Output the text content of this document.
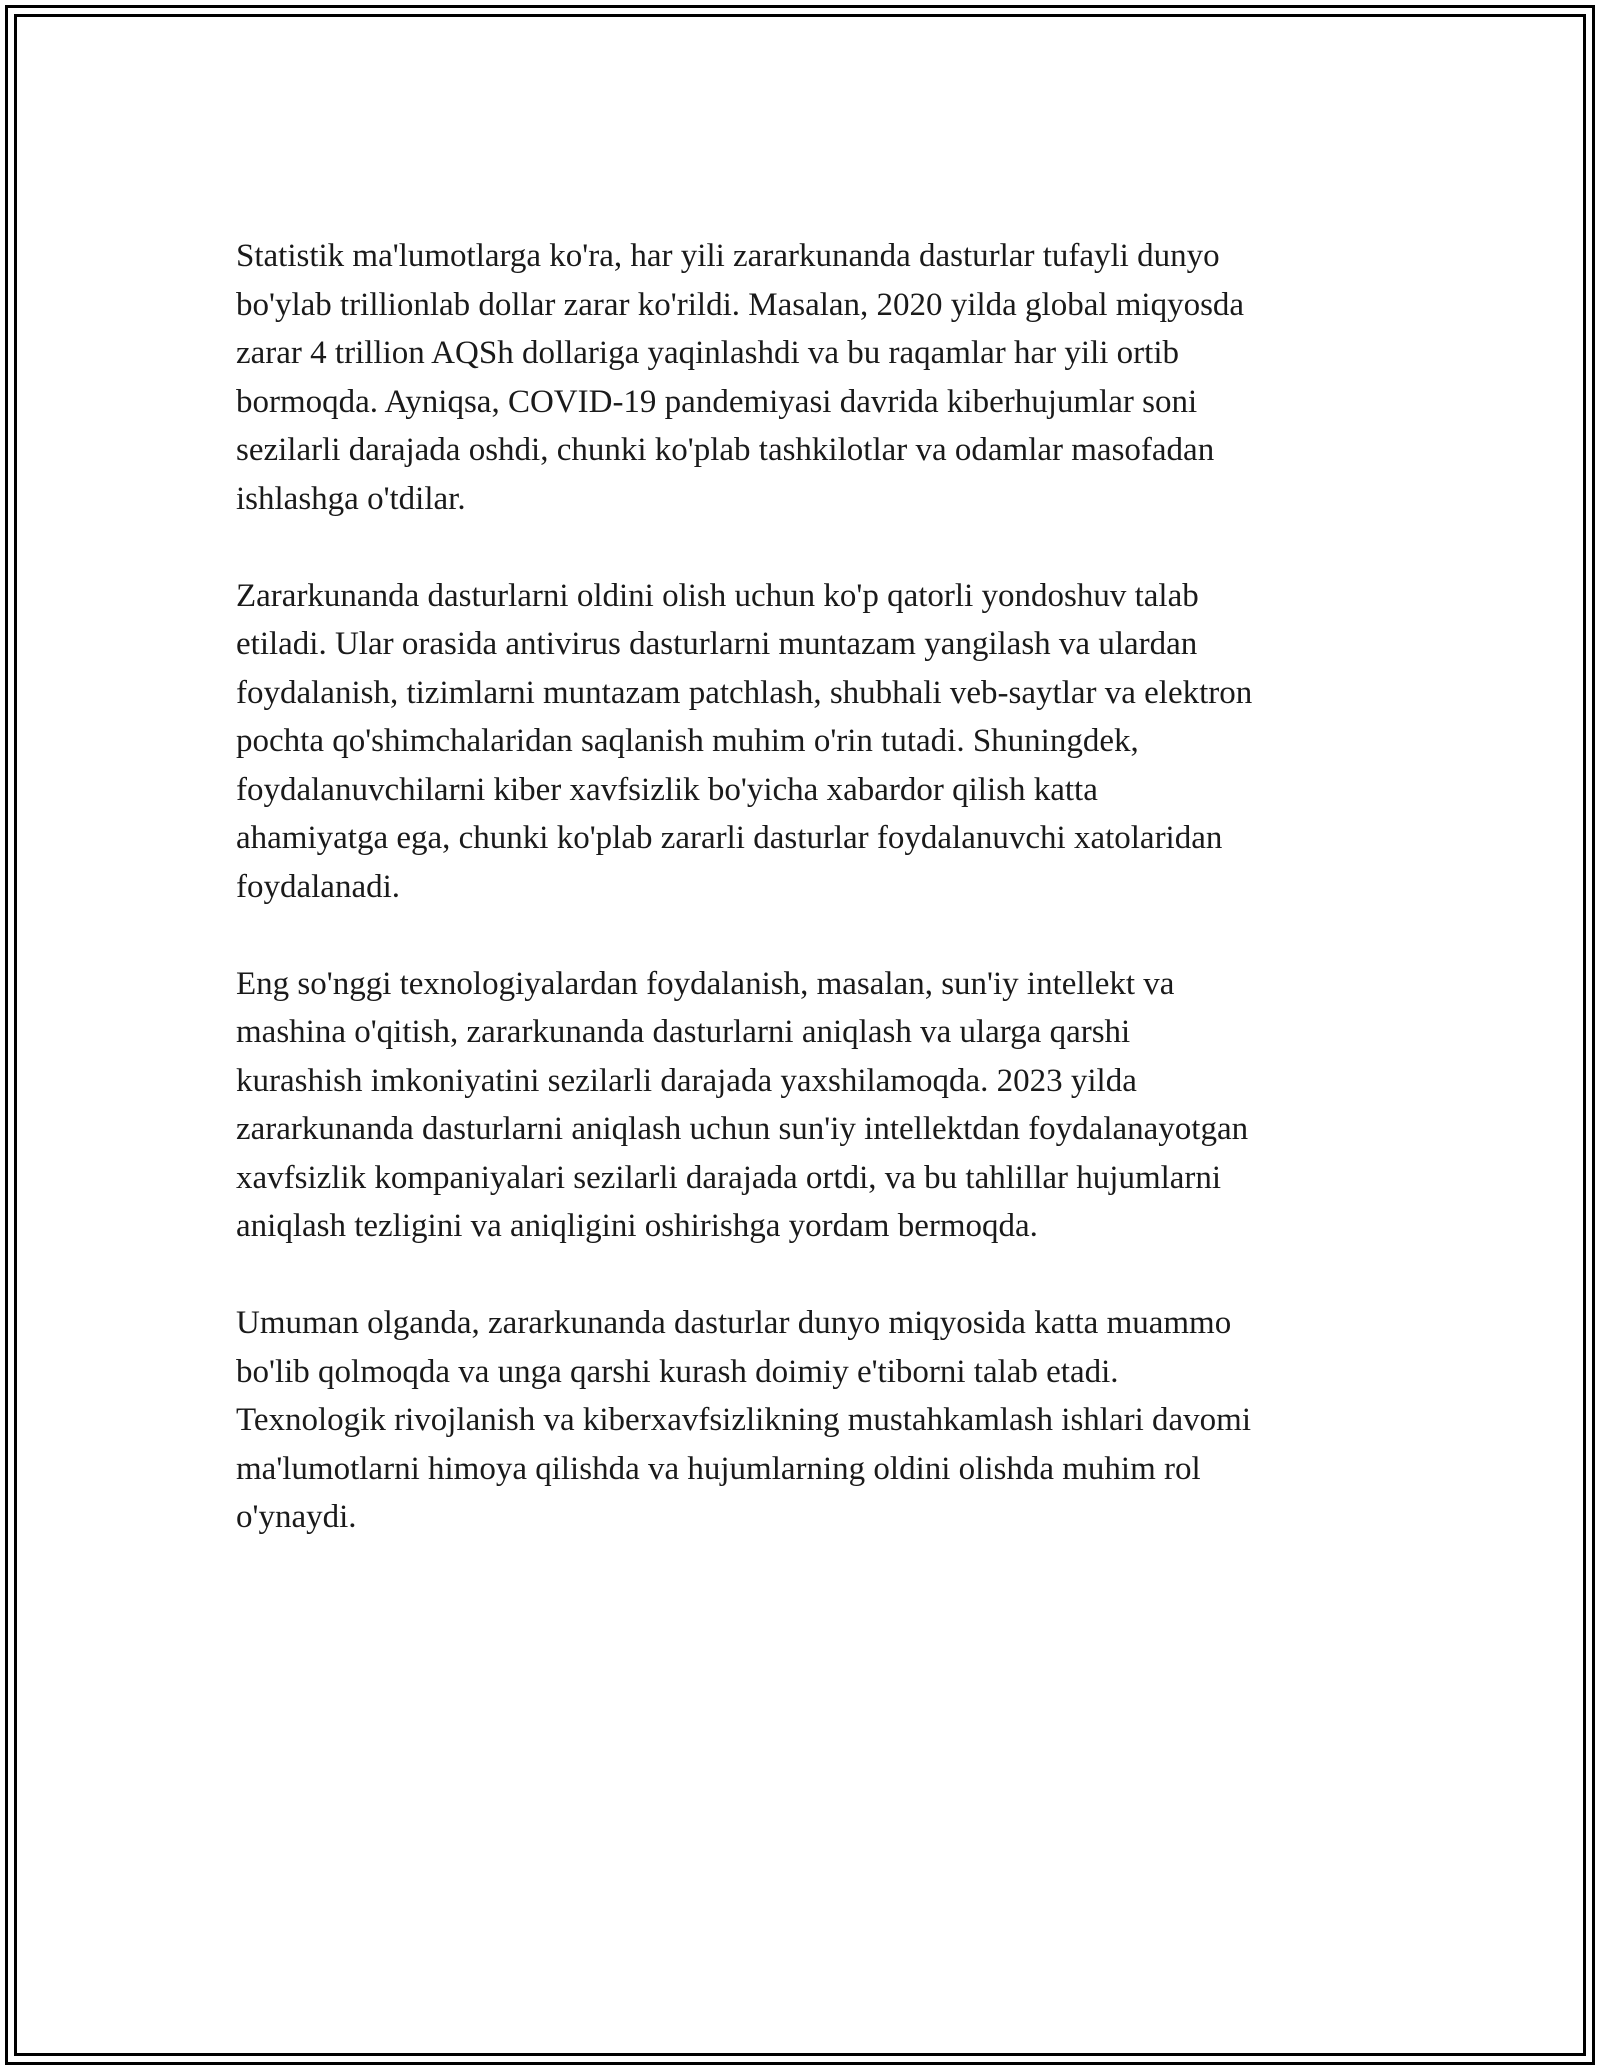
Statistik ma'lumotlarga ko'ra, har yili zararkunanda dasturlar tufayli dunyo
bo'ylab trillionlab dollar zarar ko'rildi. Masalan, 2020 yilda global miqyosda
zarar 4 trillion AQSh dollariga yaqinlashdi va bu raqamlar har yili ortib
bormoqda. Ayniqsa, COVID-19 pandemiyasi davrida kiberhujumlar soni
sezilarli darajada oshdi, chunki ko'plab tashkilotlar va odamlar masofadan
ishlashga o'tdilar.

Zararkunanda dasturlarni oldini olish uchun ko'p qatorli yondoshuv talab
etiladi. Ular orasida antivirus dasturlarni muntazam yangilash va ulardan
foydalanish, tizimlarni muntazam patchlash, shubhali veb-saytlar va elektron
pochta qo'shimchalaridan saqlanish muhim o'rin tutadi. Shuningdek,
foydalanuvchilarni kiber xavfsizlik bo'yicha xabardor qilish katta
ahamiyatga ega, chunki ko'plab zararli dasturlar foydalanuvchi xatolaridan
foydalanadi.

Eng so'nggi texnologiyalardan foydalanish, masalan, sun'iy intellekt va
mashina o'qitish, zararkunanda dasturlarni aniqlash va ularga qarshi
kurashish imkoniyatini sezilarli darajada yaxshilamoqda. 2023 yilda
zararkunanda dasturlarni aniqlash uchun sun'iy intellektdan foydalanayotgan
xavfsizlik kompaniyalari sezilarli darajada ortdi, va bu tahlillar hujumlarni
aniqlash tezligini va aniqligini oshirishga yordam bermoqda.

Umuman olganda, zararkunanda dasturlar dunyo miqyosida katta muammo
bo'lib qolmoqda va unga qarshi kurash doimiy e'tiborni talab etadi.
Texnologik rivojlanish va kiberxavfsizlikning mustahkamlash ishlari davomi
ma'lumotlarni himoya qilishda va hujumlarning oldini olishda muhim rol
o'ynaydi.
